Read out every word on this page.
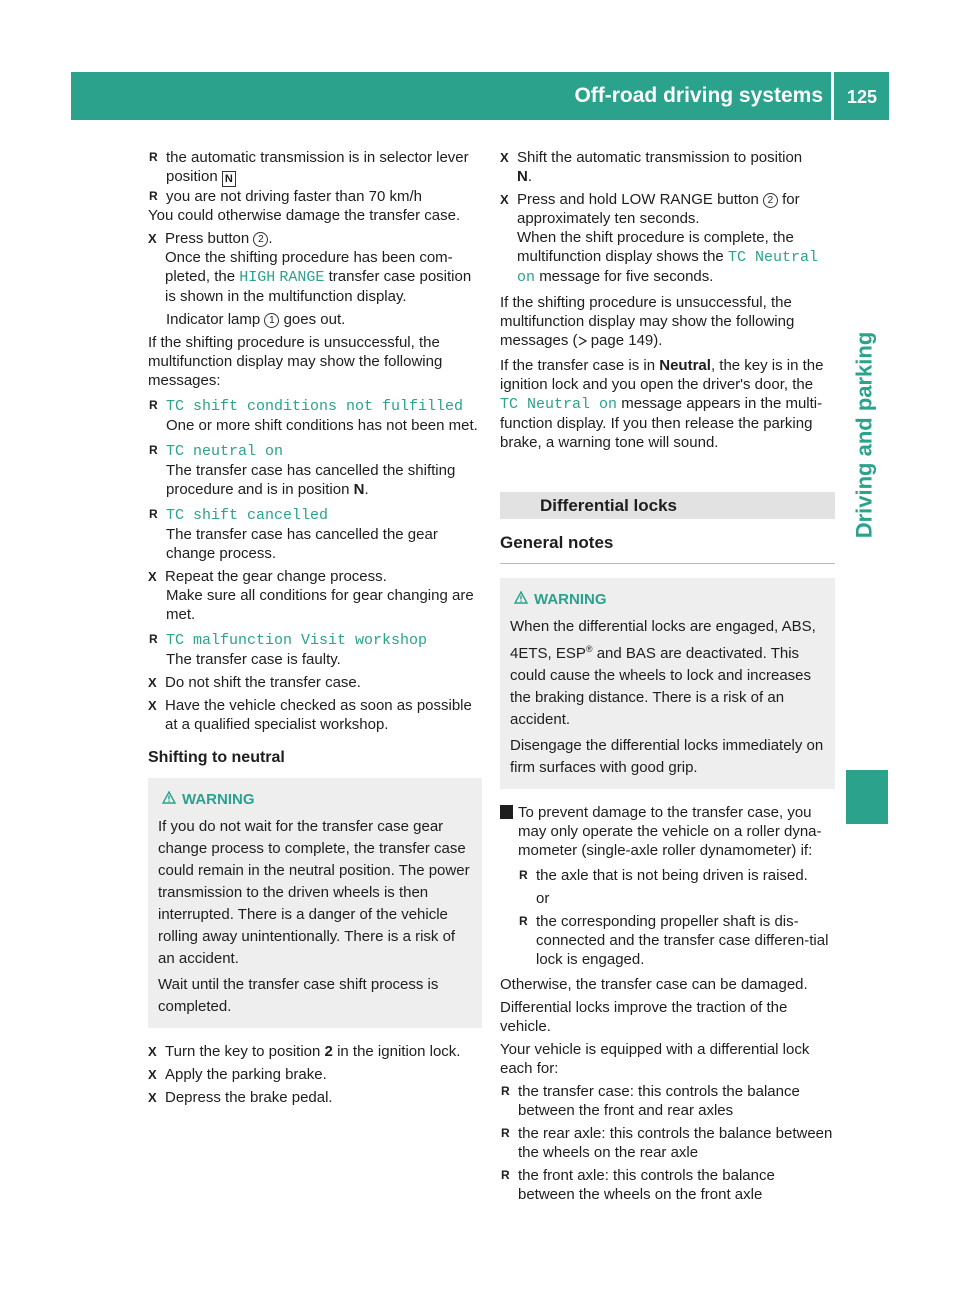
Off-road driving systems	125
Driving and parking

R the automatic transmission is in selector lever position N

R you are not driving faster than 70 km/h

You could otherwise damage the transfer case.

X Press button 2 .
Once the shifting procedure has been com-pleted, the HIGH RANGE transfer case position is shown in the multifunction display.

Indicator lamp 1 goes out.

If the shifting procedure is unsuccessful, the multifunction display may show the following messages:

R TC shift conditions not fulfilled

One or more shift conditions has not been met.

R TC neutral on

The transfer case has cancelled the shifting procedure and is in position N.

R TC shift cancelled

The transfer case has cancelled the gear change process.

X Repeat the gear change process.

Make sure all conditions for gear changing are met.

R TC malfunction Visit workshop

The transfer case is faulty.

X Do not shift the transfer case.

X Have the vehicle checked as soon as possible at a qualified specialist workshop.

Shifting to neutral
WARNING

If you do not wait for the transfer case gear change process to complete, the transfer case could remain in the neutral position. The power transmission to the driven wheels is then interrupted. There is a danger of the vehicle rolling away unintentionally. There is a risk of an accident.

Wait until the transfer case shift process is completed.

X Turn the key to position 2 in the ignition lock.

X Apply the parking brake.

X Depress the brake pedal.

X Shift the automatic transmission to position
N.

X Press and hold LOW RANGE button 2 for approximately ten seconds.
When the shift procedure is complete, the multifunction display shows the TC Neutral on message for five seconds.

If the shifting procedure is unsuccessful, the multifunction display may show the following messages ( page 149).

If the transfer case is in Neutral, the key is in the ignition lock and you open the driver's door, the TC Neutral on message appears in the multi-function display. If you then release the parking brake, a warning tone will sound.

Differential locks
General notes
WARNING

When the differential locks are engaged, ABS, 4ETS, ESP® and BAS are deactivated. This could cause the wheels to lock and increases the braking distance. There is a risk of an accident.

Disengage the differential locks immediately on firm surfaces with good grip.

! To prevent damage to the transfer case, you may only operate the vehicle on a roller dyna-mometer (single-axle roller dynamometer) if:

R the axle that is not being driven is raised.

or

R the corresponding propeller shaft is dis-connected and the transfer case differen-tial lock is engaged.

Otherwise, the transfer case can be damaged.

Differential locks improve the traction of the vehicle.

Your vehicle is equipped with a differential lock each for:

R the transfer case: this controls the balance between the front and rear axles

R the rear axle: this controls the balance between the wheels on the rear axle

R the front axle: this controls the balance between the wheels on the front axle
